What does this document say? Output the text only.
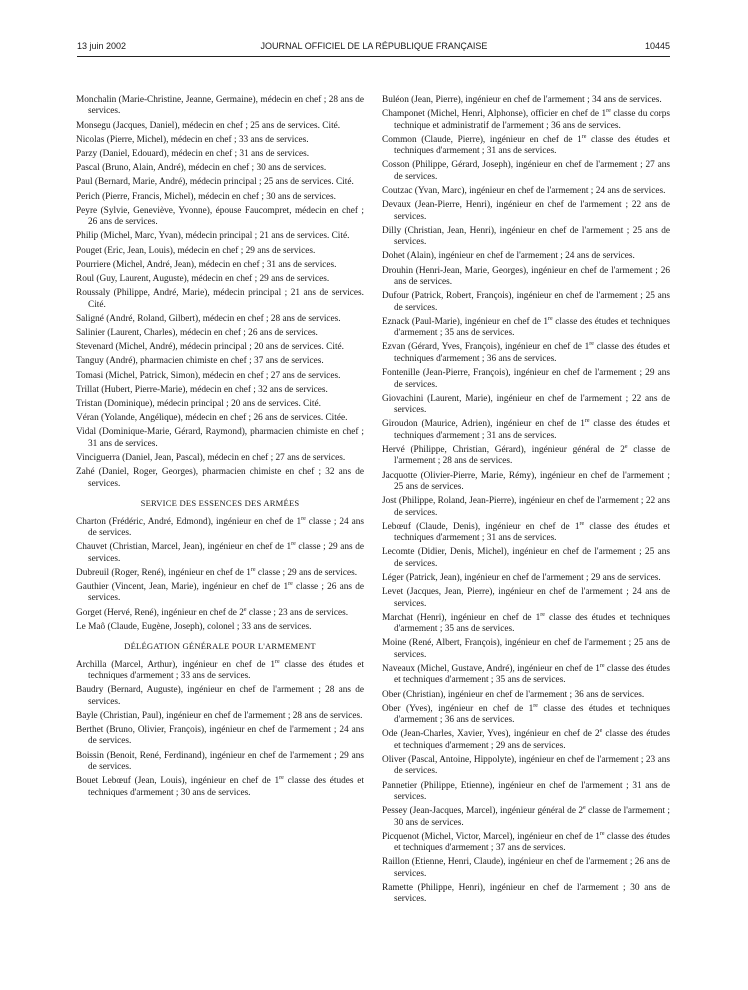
JOURNAL OFFICIEL DE LA RÉPUBLIQUE FRANÇAISE
13 juin 2002	10445
Monchalin (Marie-Christine, Jeanne, Germaine), médecin en chef ; 28 ans de services.
Monsegu (Jacques, Daniel), médecin en chef ; 25 ans de services. Cité.
Nicolas (Pierre, Michel), médecin en chef ; 33 ans de services.
Parzy (Daniel, Edouard), médecin en chef ; 31 ans de services.
Pascal (Bruno, Alain, André), médecin en chef ; 30 ans de services.
Paul (Bernard, Marie, André), médecin principal ; 25 ans de services. Cité.
Perich (Pierre, Francis, Michel), médecin en chef ; 30 ans de services.
Peyre (Sylvie, Geneviève, Yvonne), épouse Faucompret, médecin en chef ; 26 ans de services.
Philip (Michel, Marc, Yvan), médecin principal ; 21 ans de services. Cité.
Pouget (Eric, Jean, Louis), médecin en chef ; 29 ans de services.
Pourriere (Michel, André, Jean), médecin en chef ; 31 ans de services.
Roul (Guy, Laurent, Auguste), médecin en chef ; 29 ans de services.
Roussaly (Philippe, André, Marie), médecin principal ; 21 ans de services. Cité.
Saligné (André, Roland, Gilbert), médecin en chef ; 28 ans de services.
Salinier (Laurent, Charles), médecin en chef ; 26 ans de services.
Stevenard (Michel, André), médecin principal ; 20 ans de services. Cité.
Tanguy (André), pharmacien chimiste en chef ; 37 ans de services.
Tomasi (Michel, Patrick, Simon), médecin en chef ; 27 ans de services.
Trillat (Hubert, Pierre-Marie), médecin en chef ; 32 ans de services.
Tristan (Dominique), médecin principal ; 20 ans de services. Cité.
Véran (Yolande, Angélique), médecin en chef ; 26 ans de services. Citée.
Vidal (Dominique-Marie, Gérard, Raymond), pharmacien chimiste en chef ; 31 ans de services.
Vinciguerra (Daniel, Jean, Pascal), médecin en chef ; 27 ans de services.
Zahé (Daniel, Roger, Georges), pharmacien chimiste en chef ; 32 ans de services.
SERVICE DES ESSENCES DES ARMÉES
Charton (Frédéric, André, Edmond), ingénieur en chef de 1re classe ; 24 ans de services.
Chauvet (Christian, Marcel, Jean), ingénieur en chef de 1re classe ; 29 ans de services.
Dubreuil (Roger, René), ingénieur en chef de 1re classe ; 29 ans de services.
Gauthier (Vincent, Jean, Marie), ingénieur en chef de 1re classe ; 26 ans de services.
Gorget (Hervé, René), ingénieur en chef de 2e classe ; 23 ans de services.
Le Maô (Claude, Eugène, Joseph), colonel ; 33 ans de services.
DÉLÉGATION GÉNÉRALE POUR L'ARMEMENT
Archilla (Marcel, Arthur), ingénieur en chef de 1re classe des études et techniques d'armement ; 33 ans de services.
Baudry (Bernard, Auguste), ingénieur en chef de l'armement ; 28 ans de services.
Bayle (Christian, Paul), ingénieur en chef de l'armement ; 28 ans de services.
Berthet (Bruno, Olivier, François), ingénieur en chef de l'armement ; 24 ans de services.
Boissin (Benoit, René, Ferdinand), ingénieur en chef de l'armement ; 29 ans de services.
Bouet Lebœuf (Jean, Louis), ingénieur en chef de 1re classe des études et techniques d'armement ; 30 ans de services.
Buléon (Jean, Pierre), ingénieur en chef de l'armement ; 34 ans de services.
Champonet (Michel, Henri, Alphonse), officier en chef de 1re classe du corps technique et administratif de l'armement ; 36 ans de services.
Common (Claude, Pierre), ingénieur en chef de 1re classe des études et techniques d'armement ; 31 ans de services.
Cosson (Philippe, Gérard, Joseph), ingénieur en chef de l'armement ; 27 ans de services.
Coutzac (Yvan, Marc), ingénieur en chef de l'armement ; 24 ans de services.
Devaux (Jean-Pierre, Henri), ingénieur en chef de l'armement ; 22 ans de services.
Dilly (Christian, Jean, Henri), ingénieur en chef de l'armement ; 25 ans de services.
Dohet (Alain), ingénieur en chef de l'armement ; 24 ans de services.
Drouhin (Henri-Jean, Marie, Georges), ingénieur en chef de l'armement ; 26 ans de services.
Dufour (Patrick, Robert, François), ingénieur en chef de l'armement ; 25 ans de services.
Eznack (Paul-Marie), ingénieur en chef de 1re classe des études et techniques d'armement ; 35 ans de services.
Ezvan (Gérard, Yves, François), ingénieur en chef de 1re classe des études et techniques d'armement ; 36 ans de services.
Fontenille (Jean-Pierre, François), ingénieur en chef de l'armement ; 29 ans de services.
Giovachini (Laurent, Marie), ingénieur en chef de l'armement ; 22 ans de services.
Giroudon (Maurice, Adrien), ingénieur en chef de 1re classe des études et techniques d'armement ; 31 ans de services.
Hervé (Philippe, Christian, Gérard), ingénieur général de 2e classe de l'armement ; 28 ans de services.
Jacquotte (Olivier-Pierre, Marie, Rémy), ingénieur en chef de l'armement ; 25 ans de services.
Jost (Philippe, Roland, Jean-Pierre), ingénieur en chef de l'armement ; 22 ans de services.
Lebœuf (Claude, Denis), ingénieur en chef de 1re classe des études et techniques d'armement ; 31 ans de services.
Lecomte (Didier, Denis, Michel), ingénieur en chef de l'armement ; 25 ans de services.
Léger (Patrick, Jean), ingénieur en chef de l'armement ; 29 ans de services.
Levet (Jacques, Jean, Pierre), ingénieur en chef de l'armement ; 24 ans de services.
Marchat (Henri), ingénieur en chef de 1re classe des études et techniques d'armement ; 35 ans de services.
Moine (René, Albert, François), ingénieur en chef de l'armement ; 25 ans de services.
Naveaux (Michel, Gustave, André), ingénieur en chef de 1re classe des études et techniques d'armement ; 35 ans de services.
Ober (Christian), ingénieur en chef de l'armement ; 36 ans de services.
Ober (Yves), ingénieur en chef de 1re classe des études et techniques d'armement ; 36 ans de services.
Ode (Jean-Charles, Xavier, Yves), ingénieur en chef de 2e classe des études et techniques d'armement ; 29 ans de services.
Oliver (Pascal, Antoine, Hippolyte), ingénieur en chef de l'armement ; 23 ans de services.
Pannetier (Philippe, Etienne), ingénieur en chef de l'armement ; 31 ans de services.
Pessey (Jean-Jacques, Marcel), ingénieur général de 2e classe de l'armement ; 30 ans de services.
Picquenot (Michel, Victor, Marcel), ingénieur en chef de 1re classe des études et techniques d'armement ; 37 ans de services.
Raillon (Etienne, Henri, Claude), ingénieur en chef de l'armement ; 26 ans de services.
Ramette (Philippe, Henri), ingénieur en chef de l'armement ; 30 ans de services.
